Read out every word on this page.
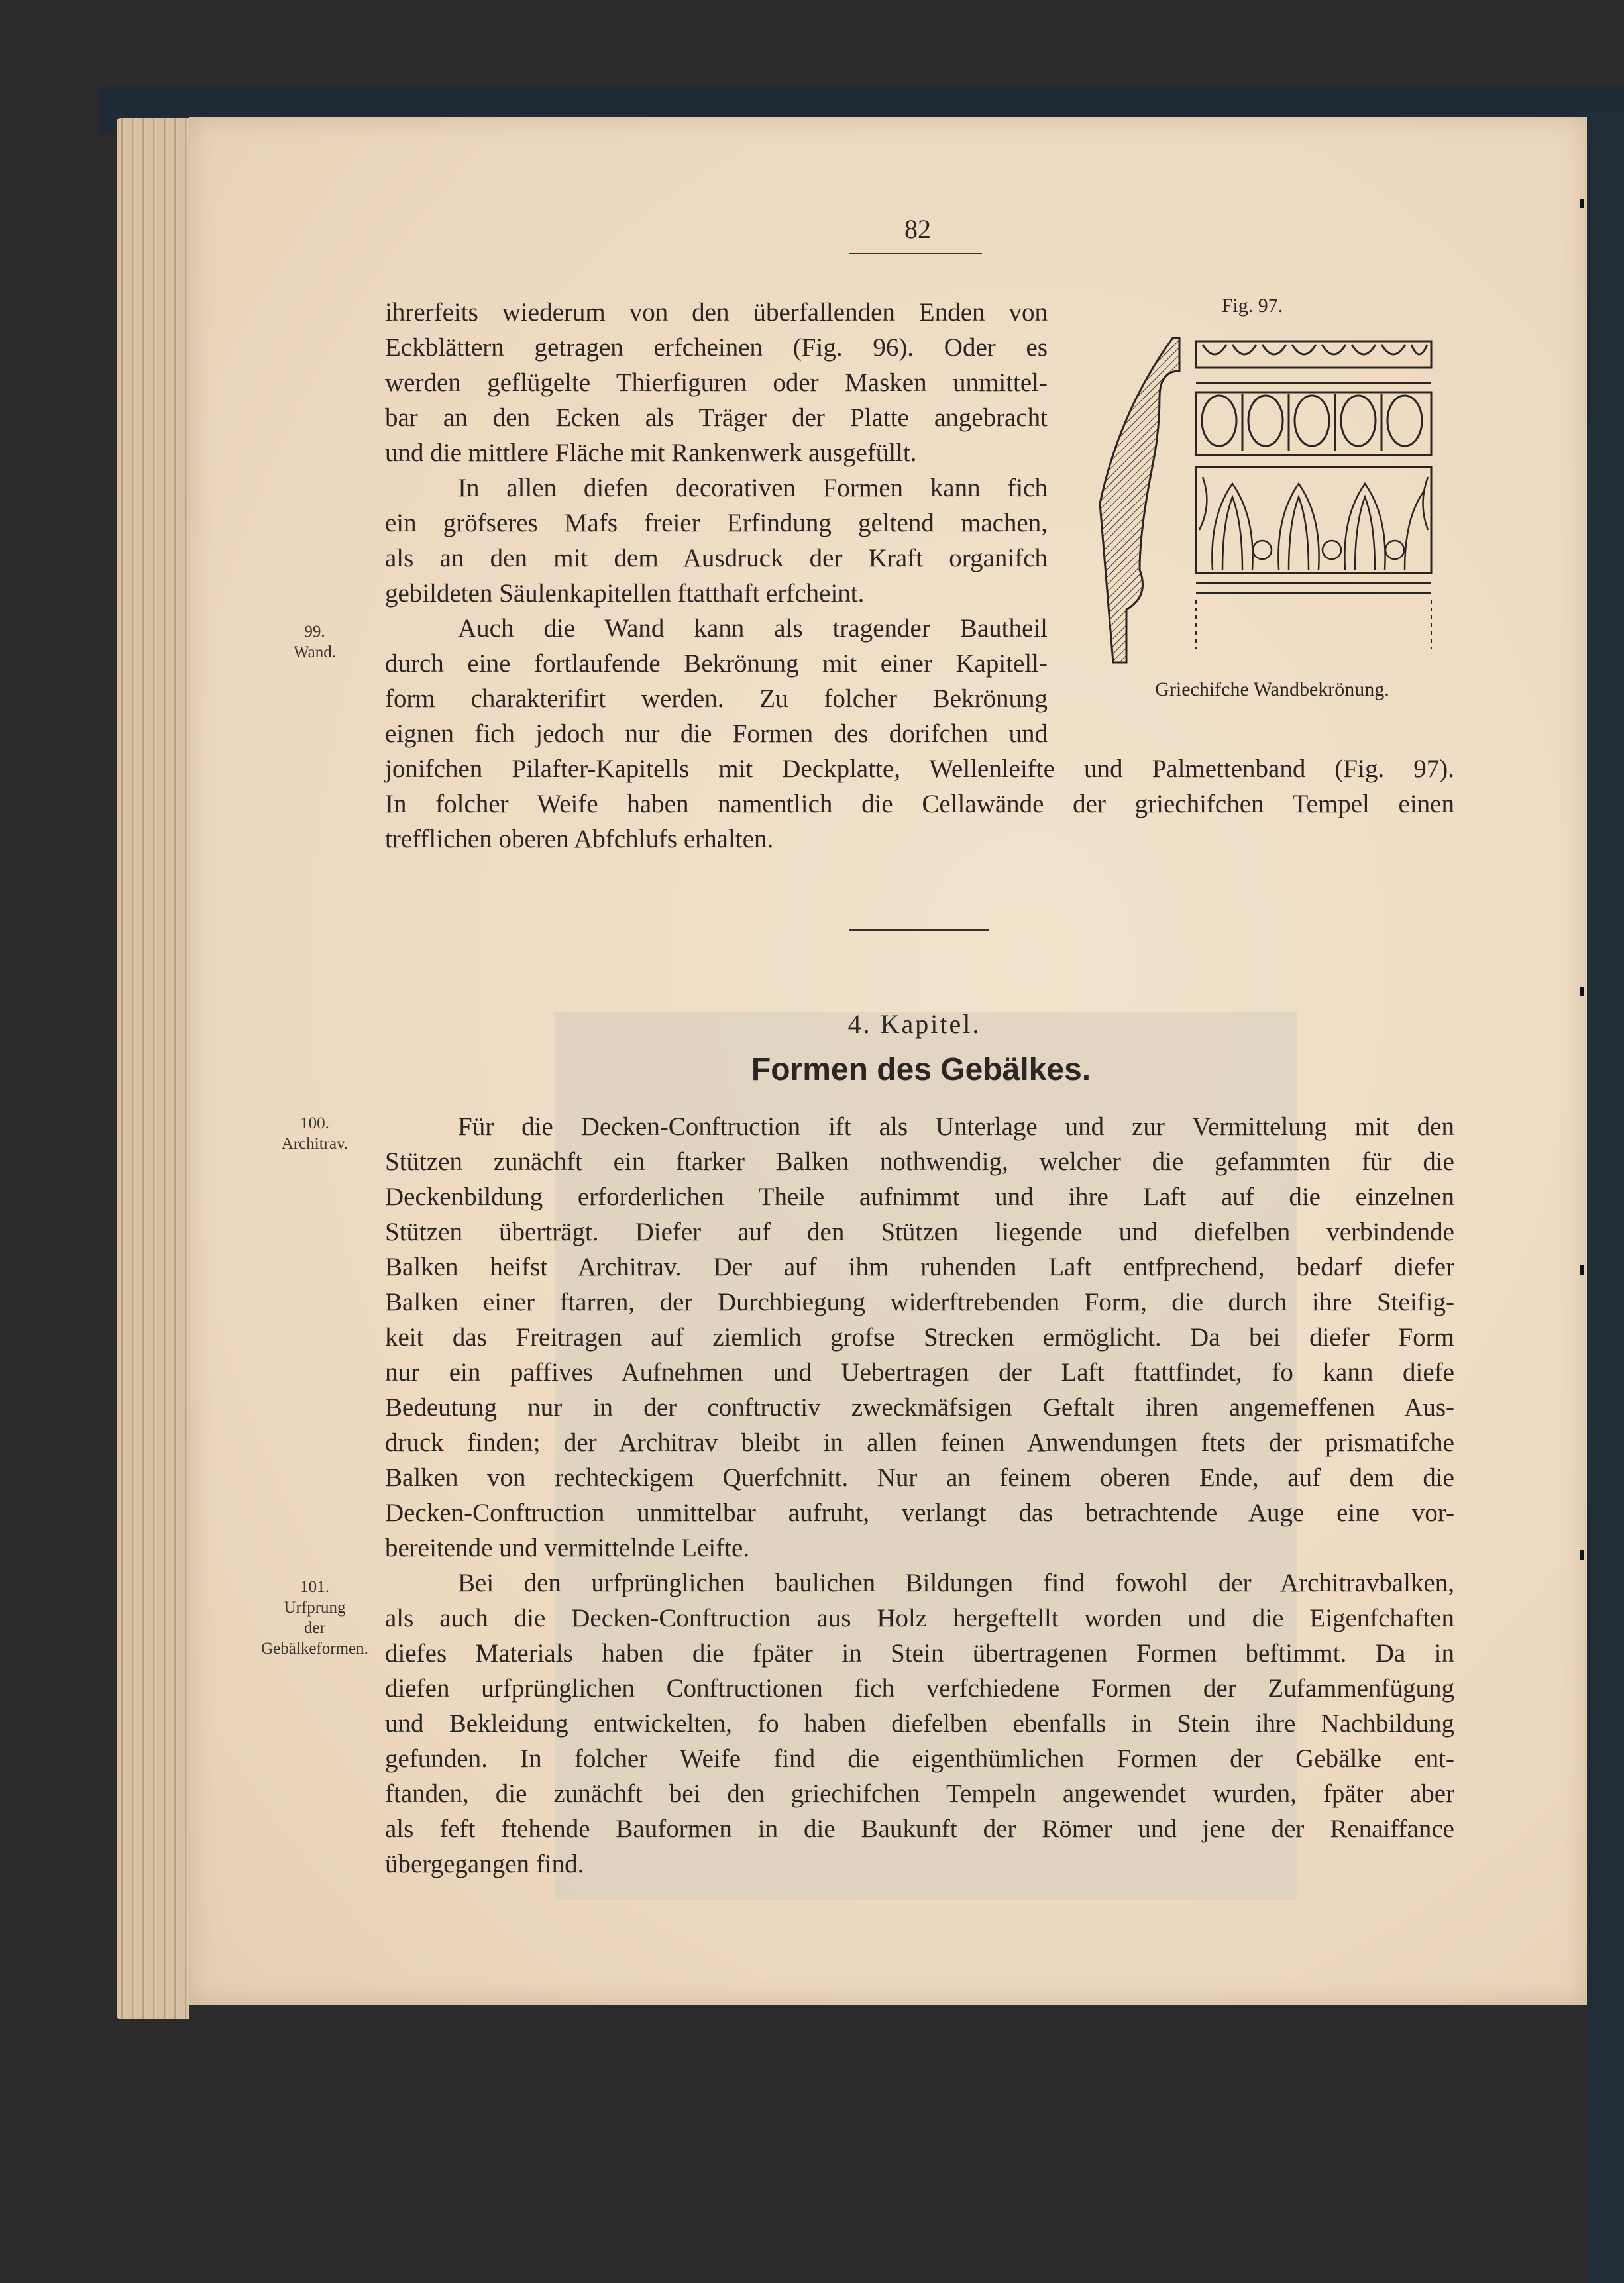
82
Fig. 97.
Griechifche Wandbekrönung.
99.
Wand.
ihrerfeits wiederum von den überfallenden Enden von
Eckblättern getragen erfcheinen (Fig. 96). Oder es
werden geflügelte Thierfiguren oder Masken unmittel-
bar an den Ecken als Träger der Platte angebracht
und die mittlere Fläche mit Rankenwerk ausgefüllt.
In allen diefen decorativen Formen kann fich
ein gröfseres Mafs freier Erfindung geltend machen,
als an den mit dem Ausdruck der Kraft organifch
gebildeten Säulenkapitellen ftatthaft erfcheint.
Auch die Wand kann als tragender Bautheil
durch eine fortlaufende Bekrönung mit einer Kapitell-
form charakterifirt werden. Zu folcher Bekrönung
eignen fich jedoch nur die Formen des dorifchen und
jonifchen Pilafter-Kapitells mit Deckplatte, Wellenleifte und Palmettenband (Fig. 97).
In folcher Weife haben namentlich die Cellawände der griechifchen Tempel einen
trefflichen oberen Abfchlufs erhalten.
4. Kapitel.
Formen des Gebälkes.
100.
Architrav.
Für die Decken-Conftruction ift als Unterlage und zur Vermittelung mit den
Stützen zunächft ein ftarker Balken nothwendig, welcher die gefammten für die
Deckenbildung erforderlichen Theile aufnimmt und ihre Laft auf die einzelnen
Stützen überträgt. Diefer auf den Stützen liegende und diefelben verbindende
Balken heifst Architrav. Der auf ihm ruhenden Laft entfprechend, bedarf diefer
Balken einer ftarren, der Durchbiegung widerftrebenden Form, die durch ihre Steifig-
keit das Freitragen auf ziemlich grofse Strecken ermöglicht. Da bei diefer Form
nur ein paffives Aufnehmen und Uebertragen der Laft ftattfindet, fo kann diefe
Bedeutung nur in der conftructiv zweckmäfsigen Geftalt ihren angemeffenen Aus-
druck finden; der Architrav bleibt in allen feinen Anwendungen ftets der prismatifche
Balken von rechteckigem Querfchnitt. Nur an feinem oberen Ende, auf dem die
Decken-Conftruction unmittelbar aufruht, verlangt das betrachtende Auge eine vor-
bereitende und vermittelnde Leifte.
101.
Urfprung
der
Gebälkeformen.
Bei den urfprünglichen baulichen Bildungen find fowohl der Architravbalken,
als auch die Decken-Conftruction aus Holz hergeftellt worden und die Eigenfchaften
diefes Materials haben die fpäter in Stein übertragenen Formen beftimmt. Da in
diefen urfprünglichen Conftructionen fich verfchiedene Formen der Zufammenfügung
und Bekleidung entwickelten, fo haben diefelben ebenfalls in Stein ihre Nachbildung
gefunden. In folcher Weife find die eigenthümlichen Formen der Gebälke ent-
ftanden, die zunächft bei den griechifchen Tempeln angewendet wurden, fpäter aber
als feft ftehende Bauformen in die Baukunft der Römer und jene der Renaiffance
übergegangen find.
